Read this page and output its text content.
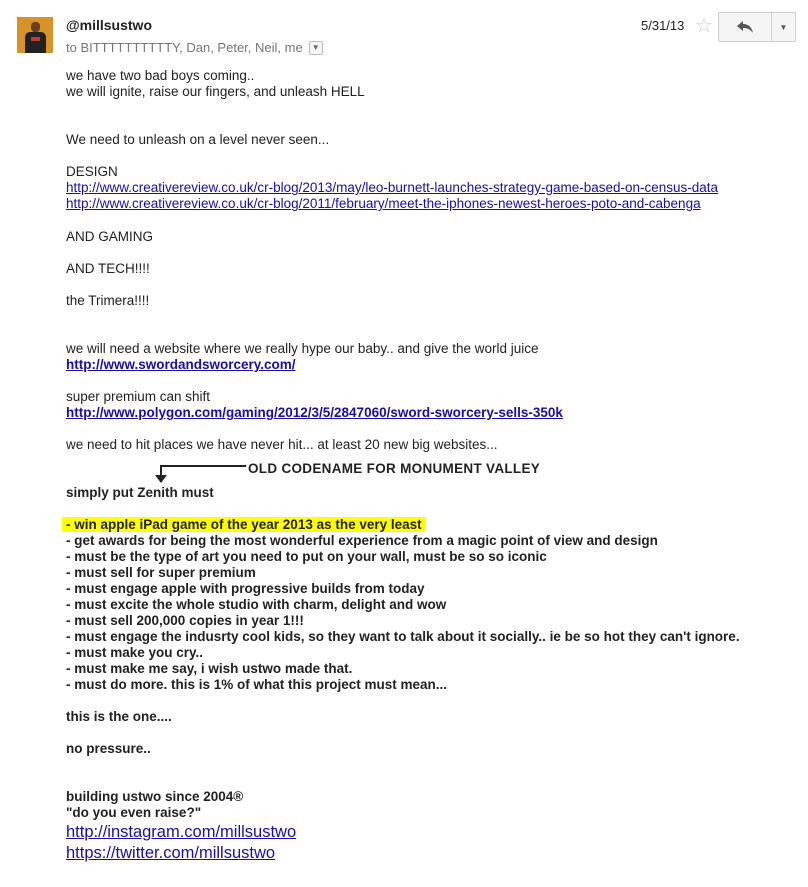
@millsustwo
to BITTTTTTTTTTY, Dan, Peter, Neil, me	▼
5/31/13 ☆	▼
we have two bad boys coming..
we will ignite, raise our fingers, and unleash HELL
We need to unleash on a level never seen...
DESIGN
http://www.creativereview.co.uk/cr-blog/2013/may/leo-burnett-launches-strategy-game-based-on-census-data
http://www.creativereview.co.uk/cr-blog/2011/february/meet-the-iphones-newest-heroes-poto-and-cabenga
AND GAMING
AND TECH!!!!
the Trimera!!!!
we will need a website where we really hype our baby.. and give the world juice
http://www.swordandsworcery.com/
super premium can shift
http://www.polygon.com/gaming/2012/3/5/2847060/sword-sworcery-sells-350k
we need to hit places we have never hit... at least 20 new big websites...
OLD CODENAME FOR MONUMENT VALLEY
simply put Zenith must
- win apple iPad game of the year 2013 as the very least
- get awards for being the most wonderful experience from a magic point of view and design
- must be the type of art you need to put on your wall, must be so so iconic
- must sell for super premium
- must engage apple with progressive builds from today
- must excite the whole studio with charm, delight and wow
- must sell 200,000 copies in year 1!!!
- must engage the indusrty cool kids, so they want to talk about it socially.. ie be so hot they can't ignore.
- must make you cry..
- must make me say, i wish ustwo made that.
- must do more. this is 1% of what this project must mean...
this is the one....
no pressure..
building ustwo since 2004®
"do you even raise?"
http://instagram.com/millsustwo
https://twitter.com/millsustwo
